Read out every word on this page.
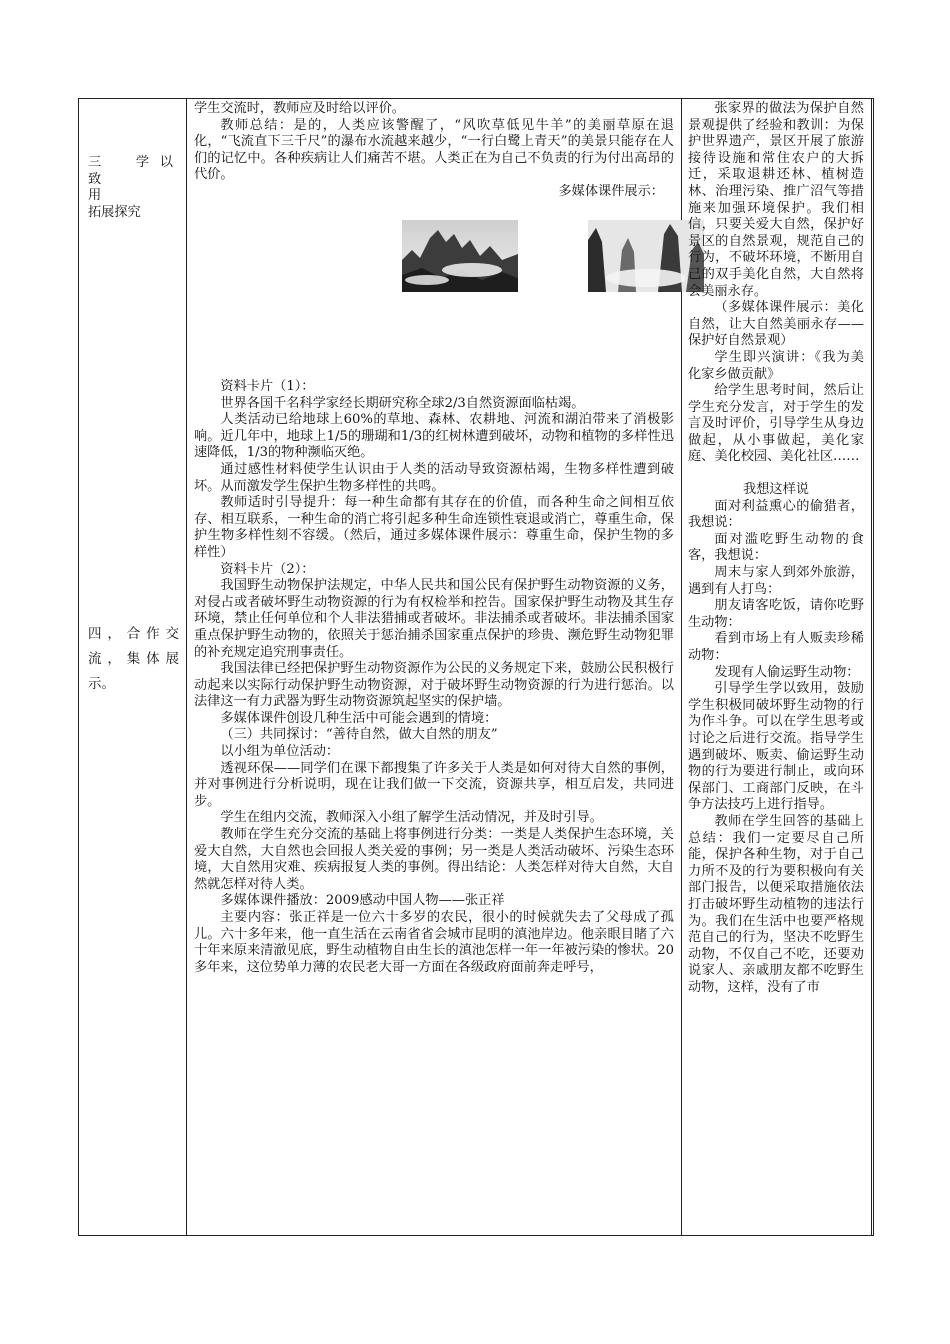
三　学以致
用
拓展探究
四，合作交流，集体展示。

学生交流时，教师应及时给以评价。

教师总结：是的，人类应该警醒了，“风吹草低见牛羊”的美丽草原在退化，“飞流直下三千尺”的瀑布水流越来越少，“一行白鹭上青天”的美景只能存在人们的记忆中。各种疾病让人们痛苦不堪。人类正在为自己不负责的行为付出高昂的代价。

多媒体课件展示：

资料卡片（1）：

世界各国千名科学家经长期研究称全球2/3自然资源面临枯竭。

人类活动已给地球上60%的草地、森林、农耕地、河流和湖泊带来了消极影响。近几年中，地球上1/5的珊瑚和1/3的红树林遭到破坏，动物和植物的多样性迅速降低，1/3的物种濒临灭绝。

通过感性材料使学生认识由于人类的活动导致资源枯竭，生物多样性遭到破坏。从而激发学生保护生物多样性的共鸣。

教师适时引导提升：每一种生命都有其存在的价值，而各种生命之间相互依存、相互联系，一种生命的消亡将引起多种生命连锁性衰退或消亡，尊重生命，保护生物多样性刻不容缓。（然后，通过多媒体课件展示：尊重生命，保护生物的多样性）

资料卡片（2）：

我国野生动物保护法规定，中华人民共和国公民有保护野生动物资源的义务，对侵占或者破坏野生动物资源的行为有权检举和控告。国家保护野生动物及其生存环境，禁止任何单位和个人非法猎捕或者破坏。非法捕杀或者破坏。非法捕杀国家重点保护野生动物的，依照关于惩治捕杀国家重点保护的珍贵、濒危野生动物犯罪的补充规定追究刑事责任。

我国法律已经把保护野生动物资源作为公民的义务规定下来，鼓励公民积极行动起来以实际行动保护野生动物资源，对于破坏野生动物资源的行为进行惩治。以法律这一有力武器为野生动物资源筑起坚实的保护墙。

多媒体课件创设几种生活中可能会遇到的情境：

（三）共同探讨：“善待自然，做大自然的朋友”

以小组为单位活动：

透视环保——同学们在课下都搜集了许多关于人类是如何对待大自然的事例，并对事例进行分析说明，现在让我们做一下交流，资源共享，相互启发，共同进步。

学生在组内交流，教师深入小组了解学生活动情况，并及时引导。

教师在学生充分交流的基础上将事例进行分类：一类是人类保护生态环境，关爱大自然，大自然也会回报人类关爱的事例；另一类是人类活动破坏、污染生态环境，大自然用灾难、疾病报复人类的事例。得出结论：人类怎样对待大自然，大自然就怎样对待人类。

多媒体课件播放：2009感动中国人物——张正祥

主要内容：张正祥是一位六十多岁的农民，很小的时候就失去了父母成了孤儿。六十多年来，他一直生活在云南省省会城市昆明的滇池岸边。他亲眼目睹了六十年来原来清澈见底，野生动植物自由生长的滇池怎样一年一年被污染的惨状。20多年来，这位势单力薄的农民老大哥一方面在各级政府面前奔走呼号，

张家界的做法为保护自然景观提供了经验和教训：为保护世界遗产，景区开展了旅游接待设施和常住农户的大拆迁，采取退耕还林、植树造林、治理污染、推广沼气等措施来加强环境保护。我们相信，只要关爱大自然，保护好景区的自然景观，规范自己的行为，不破坏环境，不断用自己的双手美化自然，大自然将会美丽永存。

（多媒体课件展示：美化自然，让大自然美丽永存——保护好自然景观）

学生即兴演讲：《我为美化家乡做贡献》

给学生思考时间，然后让学生充分发言，对于学生的发言及时评价，引导学生从身边做起，从小事做起，美化家庭、美化校园、美化社区……

我想这样说

面对利益熏心的偷猎者，我想说：

面对滥吃野生动物的食客，我想说：

周末与家人到郊外旅游，遇到有人打鸟：

朋友请客吃饭，请你吃野生动物：

看到市场上有人贩卖珍稀动物：

发现有人偷运野生动物：

引导学生学以致用，鼓励学生积极同破坏野生动物的行为作斗争。可以在学生思考或讨论之后进行交流。指导学生遇到破坏、贩卖、偷运野生动物的行为要进行制止，或向环保部门、工商部门反映，在斗争方法技巧上进行指导。

教师在学生回答的基础上总结：我们一定要尽自己所能，保护各种生物，对于自己力所不及的行为要积极向有关部门报告，以便采取措施依法打击破坏野生动植物的违法行为。我们在生活中也要严格规范自己的行为，坚决不吃野生动物，不仅自己不吃，还要劝说家人、亲戚朋友都不吃野生动物，这样，没有了市
